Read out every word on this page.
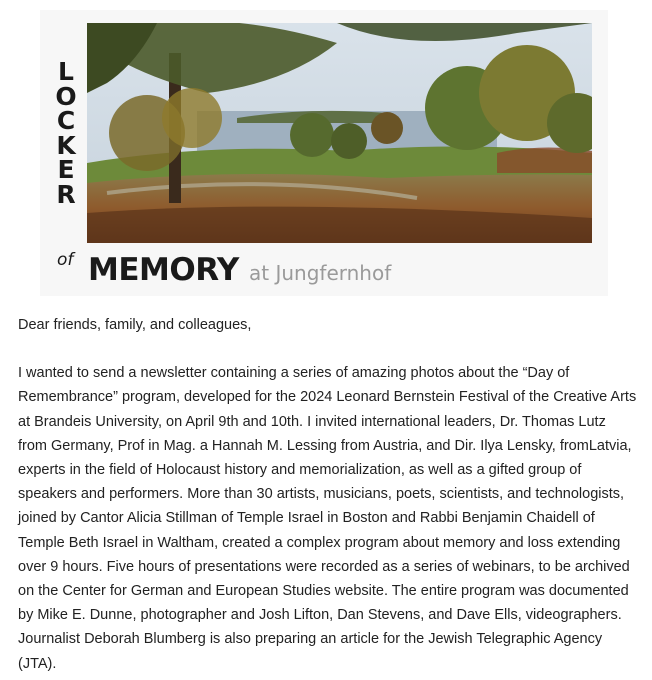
L
O
C
K
E
R
of MEMORY at Jungfernhof

Dear friends, family, and colleagues,

I wanted to send a newsletter containing a series of amazing photos about the “Day of Remembrance” program, developed for the 2024 Leonard Bernstein Festival of the Creative Arts at Brandeis University, on April 9th and 10th. I invited international leaders, Dr. Thomas Lutz from Germany, Prof in Mag. a Hannah M. Lessing from Austria, and Dir. Ilya Lensky, fromLatvia, experts in the field of Holocaust history and memorialization, as well as a gifted group of speakers and performers. More than 30 artists, musicians, poets, scientists, and technologists, joined by Cantor Alicia Stillman of Temple Israel in Boston and Rabbi Benjamin Chaidell of Temple Beth Israel in Waltham, created a complex program about memory and loss extending over 9 hours. Five hours of presentations were recorded as a series of webinars, to be archived on the Center for German and European Studies website. The entire program was documented by Mike E. Dunne, photographer and Josh Lifton, Dan Stevens, and Dave Ells, videographers. Journalist Deborah Blumberg is also preparing an article for the Jewish Telegraphic Agency (JTA).
